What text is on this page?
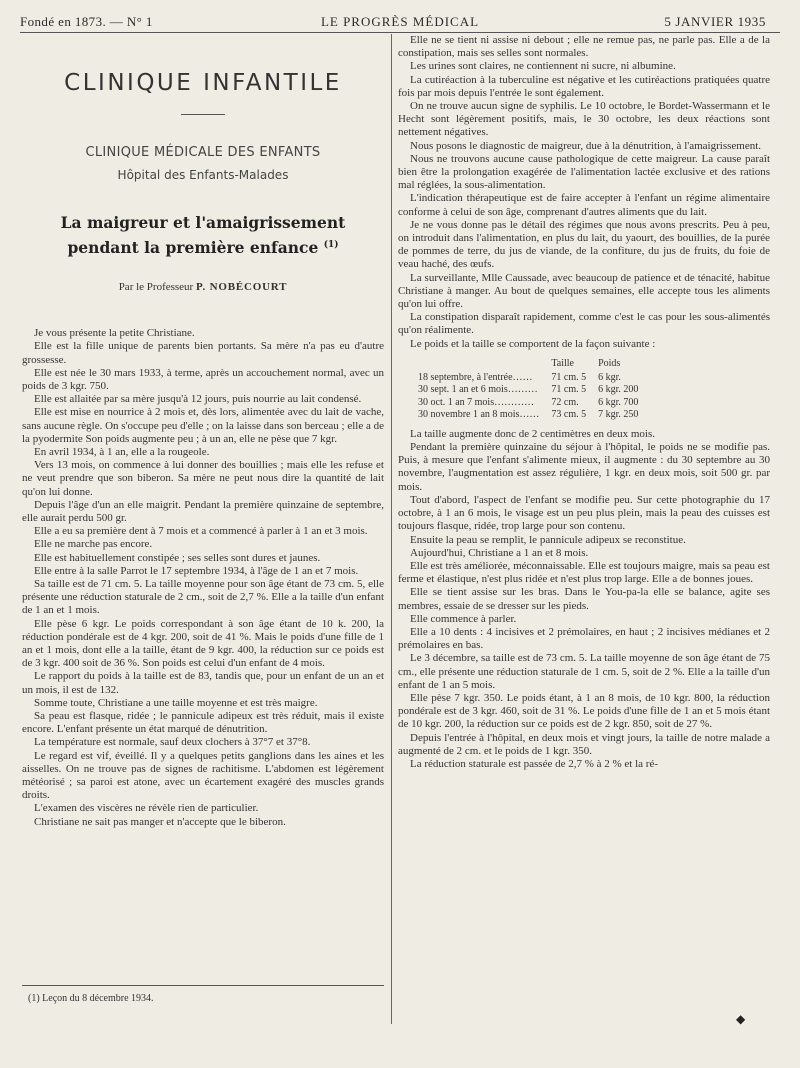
Fondé en 1873. — N° 1	LE PROGRÈS MÉDICAL	5 JANVIER 1935
CLINIQUE INFANTILE
CLINIQUE MÉDICALE DES ENFANTS
Hôpital des Enfants-Malades
La maigreur et l'amaigrissement
pendant la première enfance $^{(1)}$
Par le Professeur P. NOBÉCOURT

Je vous présente la petite Christiane.

Elle est la fille unique de parents bien portants. Sa mère n'a pas eu d'autre grossesse.

Elle est née le 30 mars 1933, à terme, après un accouchement normal, avec un poids de 3 kgr. 750.

Elle est allaitée par sa mère jusqu'à 12 jours, puis nourrie au lait condensé.

Elle est mise en nourrice à 2 mois et, dès lors, alimentée avec du lait de vache, sans aucune règle. On s'occupe peu d'elle ; on la laisse dans son berceau ; elle a de la pyodermite Son poids augmente peu ; à un an, elle ne pèse que 7 kgr.

En avril 1934, à 1 an, elle a la rougeole.

Vers 13 mois, on commence à lui donner des bouillies ; mais elle les refuse et ne veut prendre que son biberon. Sa mère ne peut nous dire la quantité de lait qu'on lui donne.

Depuis l'âge d'un an elle maigrit. Pendant la première quinzaine de septembre, elle aurait perdu 500 gr.

Elle a eu sa première dent à 7 mois et a commencé à parler à 1 an et 3 mois.

Elle ne marche pas encore.

Elle est habituellement constipée ; ses selles sont dures et jaunes.

Elle entre à la salle Parrot le 17 septembre 1934, à l'âge de 1 an et 7 mois.

Sa taille est de 71 cm. 5. La taille moyenne pour son âge étant de 73 cm. 5, elle présente une réduction staturale de 2 cm., soit de 2,7 %. Elle a la taille d'un enfant de 1 an et 1 mois.

Elle pèse 6 kgr. Le poids correspondant à son âge étant de 10 k. 200, la réduction pondérale est de 4 kgr. 200, soit de 41 %. Mais le poids d'une fille de 1 an et 1 mois, dont elle a la taille, étant de 9 kgr. 400, la réduction sur ce poids est de 3 kgr. 400 soit de 36 %. Son poids est celui d'un enfant de 4 mois.

Le rapport du poids à la taille est de 83, tandis que, pour un enfant de un an et un mois, il est de 132.

Somme toute, Christiane a une taille moyenne et est très maigre.

Sa peau est flasque, ridée ; le pannicule adipeux est très réduit, mais il existe encore. L'enfant présente un état marqué de dénutrition.

La température est normale, sauf deux clochers à 37°7 et 37°8.

Le regard est vif, éveillé. Il y a quelques petits ganglions dans les aines et les aisselles. On ne trouve pas de signes de rachitisme. L'abdomen est légèrement météorisé ; sa paroi est atone, avec un écartement exagéré des muscles grands droits.

L'examen des viscères ne révèle rien de particulier.

Christiane ne sait pas manger et n'accepte que le biberon.

(1) Leçon du 8 décembre 1934.

Elle ne se tient ni assise ni debout ; elle ne remue pas, ne parle pas. Elle a de la constipation, mais ses selles sont normales.

Les urines sont claires, ne contiennent ni sucre, ni albumine.

La cutiréaction à la tuberculine est négative et les cutiréactions pratiquées quatre fois par mois depuis l'entrée le sont également.

On ne trouve aucun signe de syphilis. Le 10 octobre, le Bordet-Wassermann et le Hecht sont légèrement positifs, mais, le 30 octobre, les deux réactions sont nettement négatives.

Nous posons le diagnostic de maigreur, due à la dénutrition, à l'amaigrissement.

Nous ne trouvons aucune cause pathologique de cette maigreur. La cause paraît bien être la prolongation exagérée de l'alimentation lactée exclusive et des rations mal réglées, la sous-alimentation.

L'indication thérapeutique est de faire accepter à l'enfant un régime alimentaire conforme à celui de son âge, comprenant d'autres aliments que du lait.

Je ne vous donne pas le détail des régimes que nous avons prescrits. Peu à peu, on introduit dans l'alimentation, en plus du lait, du yaourt, des bouillies, de la purée de pommes de terre, du jus de viande, de la confiture, du jus de fruits, du foie de veau haché, des œufs.

La surveillante, Mlle Caussade, avec beaucoup de patience et de ténacité, habitue Christiane à manger. Au bout de quelques semaines, elle accepte tous les aliments qu'on lui offre.

La constipation disparaît rapidement, comme c'est le cas pour les sous-alimentés qu'on réalimente.

Le poids et la taille se comportent de la façon suivante :

	Taille	Poids
18 septembre, à l'entrée……	71 cm. 5	6 kgr.
30 sept. 1 an et 6 mois………	71 cm. 5	6 kgr. 200
30 oct. 1 an 7 mois…………	72 cm.	6 kgr. 700
30 novembre 1 an 8 mois……	73 cm. 5	7 kgr. 250

La taille augmente donc de 2 centimètres en deux mois.

Pendant la première quinzaine du séjour à l'hôpital, le poids ne se modifie pas. Puis, à mesure que l'enfant s'alimente mieux, il augmente : du 30 septembre au 30 novembre, l'augmentation est assez régulière, 1 kgr. en deux mois, soit 500 gr. par mois.

Tout d'abord, l'aspect de l'enfant se modifie peu. Sur cette photographie du 17 octobre, à 1 an 6 mois, le visage est un peu plus plein, mais la peau des cuisses est toujours flasque, ridée, trop large pour son contenu.

Ensuite la peau se remplit, le pannicule adipeux se reconstitue.

Aujourd'hui, Christiane a 1 an et 8 mois.

Elle est très améliorée, méconnaissable. Elle est toujours maigre, mais sa peau est ferme et élastique, n'est plus ridée et n'est plus trop large. Elle a de bonnes joues.

Elle se tient assise sur les bras. Dans le You-pa-la elle se balance, agite ses membres, essaie de se dresser sur les pieds.

Elle commence à parler.

Elle a 10 dents : 4 incisives et 2 prémolaires, en haut ; 2 incisives médianes et 2 prémolaires en bas.

Le 3 décembre, sa taille est de 73 cm. 5. La taille moyenne de son âge étant de 75 cm., elle présente une réduction staturale de 1 cm. 5, soit de 2 %. Elle a la taille d'un enfant de 1 an 5 mois.

Elle pèse 7 kgr. 350. Le poids étant, à 1 an 8 mois, de 10 kgr. 800, la réduction pondérale est de 3 kgr. 460, soit de 31 %. Le poids d'une fille de 1 an et 5 mois étant de 10 kgr. 200, la réduction sur ce poids est de 2 kgr. 850, soit de 27 %.

Depuis l'entrée à l'hôpital, en deux mois et vingt jours, la taille de notre malade a augmenté de 2 cm. et le poids de 1 kgr. 350.

La réduction staturale est passée de 2,7 % à 2 % et la ré-

◆
